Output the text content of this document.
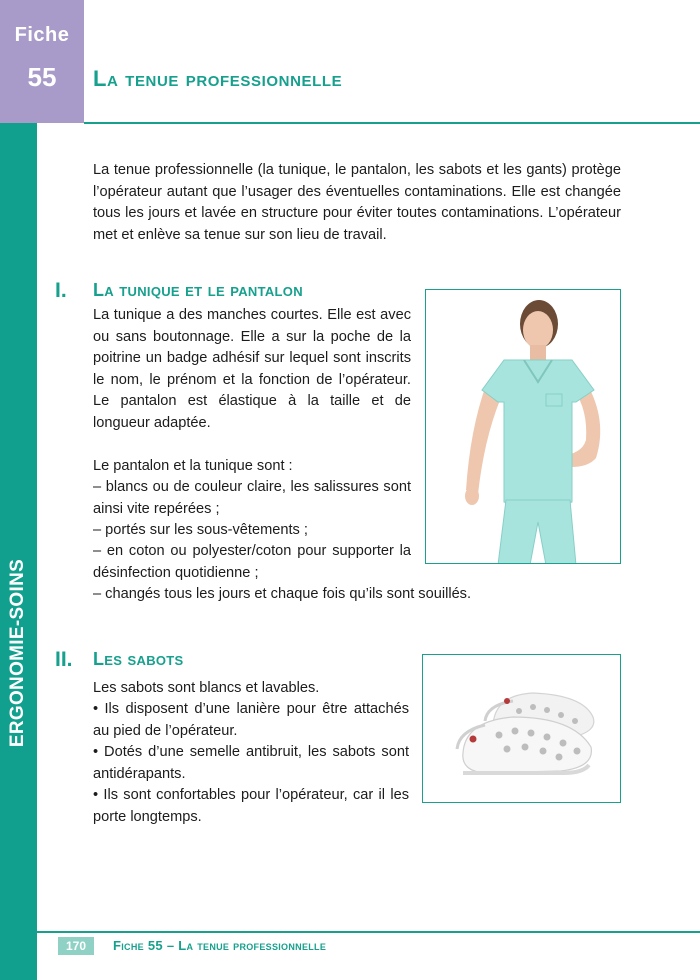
Fiche
55	La tenue professionnelle
ERGONOMIE-SOINS

La tenue professionnelle (la tunique, le pantalon, les sabots et les gants) protège l’opérateur autant que l’usager des éventuelles contaminations. Elle est changée tous les jours et lavée en structure pour éviter toutes contaminations. L’opérateur met et enlève sa tenue sur son lieu de travail.

I. La tunique et le pantalon

La tunique a des manches courtes. Elle est avec ou sans boutonnage. Elle a sur la poche de la poitrine un badge adhésif sur lequel sont inscrits le nom, le prénom et la fonction de l’opérateur. Le pantalon est élastique à la taille et de longueur adaptée.

Le pantalon et la tunique sont :

– blancs ou de couleur claire, les salissures sont ainsi vite repérées ;

– portés sur les sous-vêtements ;

– en coton ou polyester/coton pour supporter la désinfection quotidienne ;

– changés tous les jours et chaque fois qu’ils sont souillés.

II. Les sabots

Les sabots sont blancs et lavables.

• Ils disposent d’une lanière pour être attachés au pied de l’opérateur.

• Dotés d’une semelle antibruit, les sabots sont antidérapants.

• Ils sont confortables pour l’opérateur, car il les porte longtemps.

170	Fiche 55 – La tenue professionnelle
